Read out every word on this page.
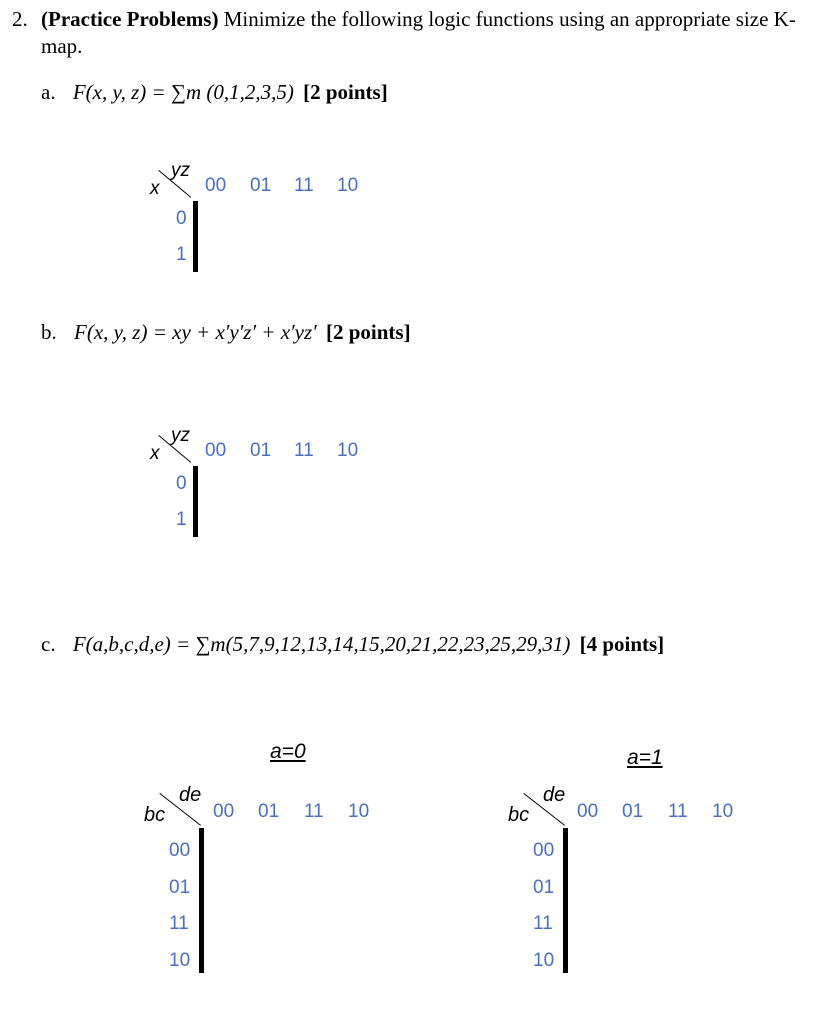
2. (Practice Problems) Minimize the following logic functions using an appropriate size K-
map.
a. F(x, y, z) = ∑m (0,1,2,3,5) [2 points]
yz
x 00 01 11 10
0
1

b. F(x, y, z) = xy + x′y′z′ + x′yz′ [2 points]
yz
x 00 01 11 10
0
1

c. F(a,b,c,d,e) = ∑m(5,7,9,12,13,14,15,20,21,22,23,25,29,31) [4 points]
a=0
de
bc	00 01 11 10
00
01
11
10

a=1
de
bc	00 01 11 10
00
01
11
10
